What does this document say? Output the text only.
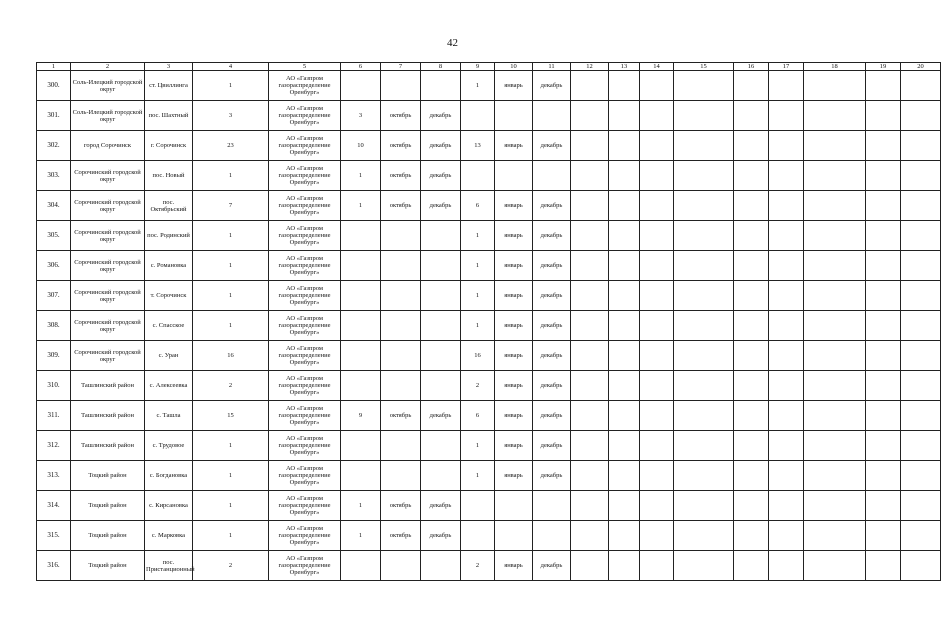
42
1	2	3	4	5	6	7	8	9	10	11	12	13	14	15	16	17	18	19	20
300.	Соль-Илецкий городской округ	ст. Цвиллинга	1	АО «Газпром газораспределение Оренбург»				1	январь	декабрь									
301.	Соль-Илецкий городской округ	пос. Шахтный	3	АО «Газпром газораспределение Оренбург»	3	октябрь	декабрь												
302.	город Сорочинск	г. Сорочинск	23	АО «Газпром газораспределение Оренбург»	10	октябрь	декабрь	13	январь	декабрь									
303.	Сорочинский городской округ	пос. Новый	1	АО «Газпром газораспределение Оренбург»	1	октябрь	декабрь												
304.	Сорочинский городской округ	пос. Октябрьский	7	АО «Газпром газораспределение Оренбург»	1	октябрь	декабрь	6	январь	декабрь									
305.	Сорочинский городской округ	пос. Родинский	1	АО «Газпром газораспределение Оренбург»				1	январь	декабрь									
306.	Сорочинский городской округ	с. Романовка	1	АО «Газпром газораспределение Оренбург»				1	январь	декабрь									
307.	Сорочинский городской округ	т. Сорочинск	1	АО «Газпром газораспределение Оренбург»				1	январь	декабрь									
308.	Сорочинский городской округ	с. Спасское	1	АО «Газпром газораспределение Оренбург»				1	январь	декабрь									
309.	Сорочинский городской округ	с. Уран	16	АО «Газпром газораспределение Оренбург»				16	январь	декабрь									
310.	Ташлинский район	с. Алексеевка	2	АО «Газпром газораспределение Оренбург»				2	январь	декабрь									
311.	Ташлинский район	с. Ташла	15	АО «Газпром газораспределение Оренбург»	9	октябрь	декабрь	6	январь	декабрь									
312.	Ташлинский район	с. Трудовое	1	АО «Газпром газораспределение Оренбург»				1	январь	декабрь									
313.	Тоцкий район	с. Богдановка	1	АО «Газпром газораспределение Оренбург»				1	январь	декабрь									
314.	Тоцкий район	с. Кирсановка	1	АО «Газпром газораспределение Оренбург»	1	октябрь	декабрь												
315.	Тоцкий район	с. Марковка	1	АО «Газпром газораспределение Оренбург»	1	октябрь	декабрь												
316.	Тоцкий район	пос. Пристанционный	2	АО «Газпром газораспределение Оренбург»				2	январь	декабрь									
